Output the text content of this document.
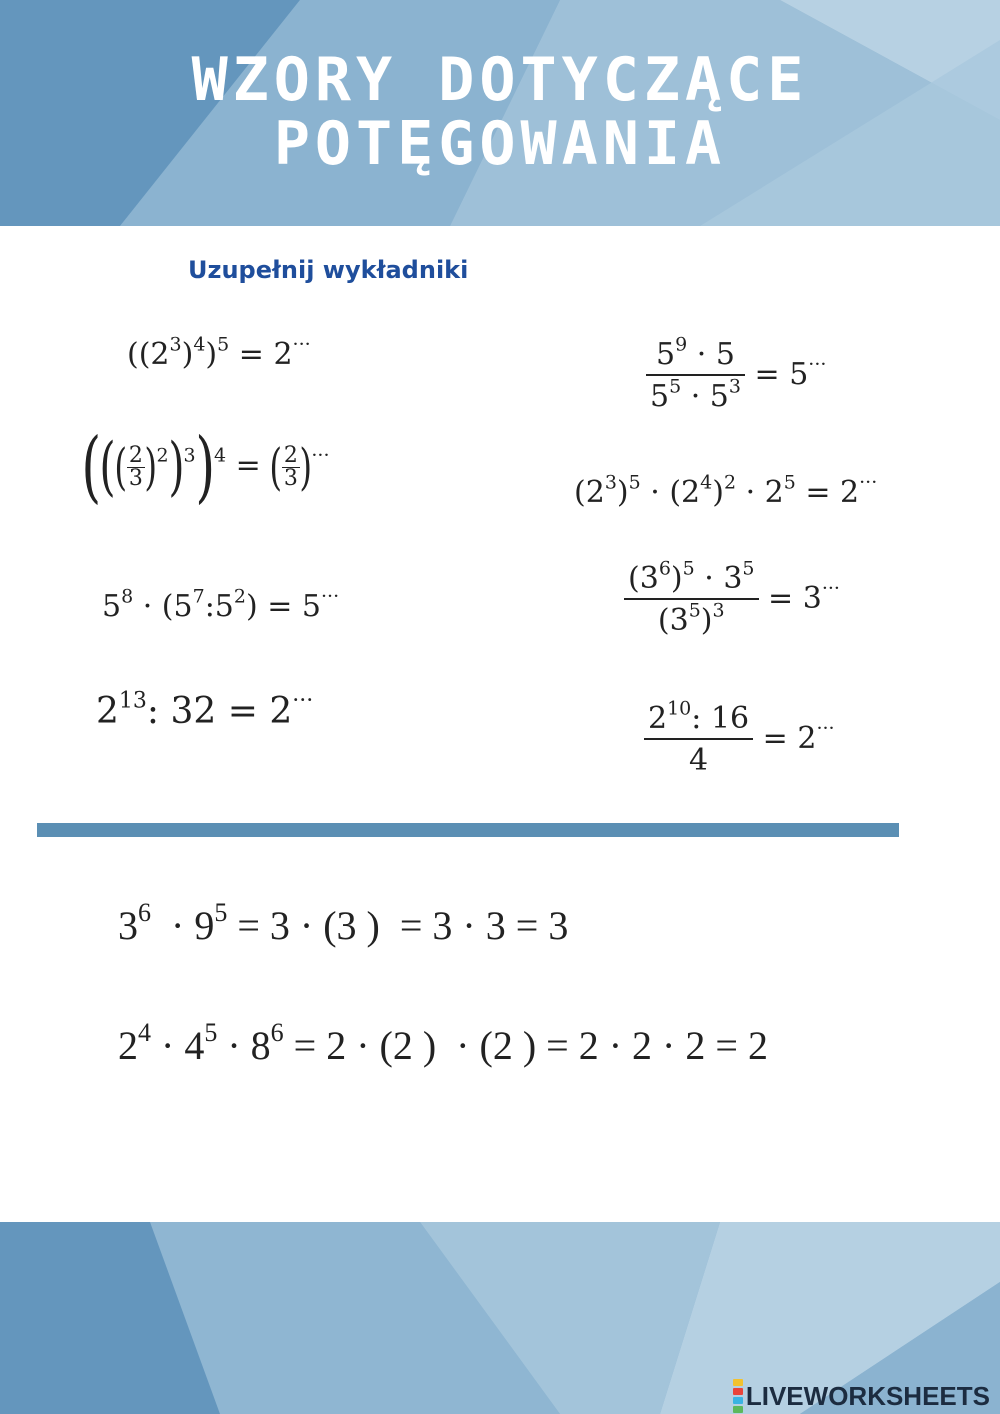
WZORY DOTYCZĄCE
POTĘGOWANIA
Uzupełnij wykładniki
$((2^3)^4)^5 = 2^{\cdot\cdot\cdot}$
((( $\frac{2}{3} )^2)^3)^4$ = ( $\frac{2}{3} )^{\cdot\cdot\cdot}$
$5^8$ · $(5^7:5^2) = 5^{\cdot\cdot\cdot}$
$2^{13}$: 32 = 2···
$\frac{5^9 \cdot 5}{5^5 \cdot 5^3} = 5^{\cdot\cdot\cdot}$
$(2^3)^5 \cdot (2^4)^2 \cdot 2^5 = 2^{\cdot\cdot\cdot}$
$\frac{(3^6)^5 \cdot 3^5}{(3^5)^3} = 3^{\cdot\cdot\cdot}$
$\frac{2^{10}: 16}{4} = 2^{\cdot\cdot\cdot}$
$3^6 \cdot 9^5 = 3 \cdot (3$ )  = 3 · 3 = 3
$2^4 \cdot 4^5 \cdot 8^6 = 2 \cdot (2$ )  · (2 ) = 2 · 2 · 2 = 2
LIVEWORKSHEETS
